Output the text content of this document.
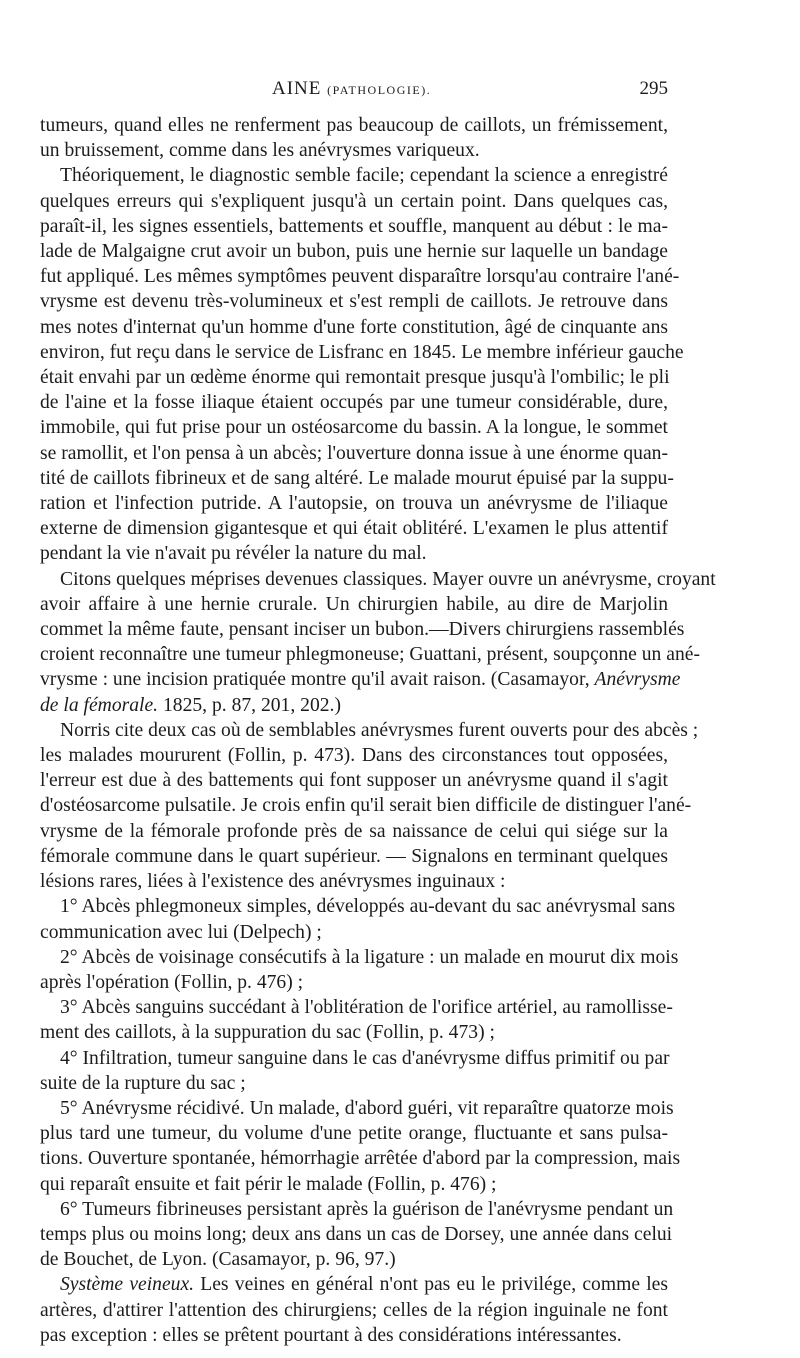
AINE (PATHOLOGIE).	295
tumeurs, quand elles ne renferment pas beaucoup de caillots, un frémissement,
un bruissement, comme dans les anévrysmes variqueux.
Théoriquement, le diagnostic semble facile; cependant la science a enregistré
quelques erreurs qui s'expliquent jusqu'à un certain point. Dans quelques cas,
paraît-il, les signes essentiels, battements et souffle, manquent au début : le ma-
lade de Malgaigne crut avoir un bubon, puis une hernie sur laquelle un bandage
fut appliqué. Les mêmes symptômes peuvent disparaître lorsqu'au contraire l'ané-
vrysme est devenu très-volumineux et s'est rempli de caillots. Je retrouve dans
mes notes d'internat qu'un homme d'une forte constitution, âgé de cinquante ans
environ, fut reçu dans le service de Lisfranc en 1845. Le membre inférieur gauche
était envahi par un œdème énorme qui remontait presque jusqu'à l'ombilic; le pli
de l'aine et la fosse iliaque étaient occupés par une tumeur considérable, dure,
immobile, qui fut prise pour un ostéosarcome du bassin. A la longue, le sommet
se ramollit, et l'on pensa à un abcès; l'ouverture donna issue à une énorme quan-
tité de caillots fibrineux et de sang altéré. Le malade mourut épuisé par la suppu-
ration et l'infection putride. A l'autopsie, on trouva un anévrysme de l'iliaque
externe de dimension gigantesque et qui était oblitéré. L'examen le plus attentif
pendant la vie n'avait pu révéler la nature du mal.
Citons quelques méprises devenues classiques. Mayer ouvre un anévrysme, croyant
avoir affaire à une hernie crurale. Un chirurgien habile, au dire de Marjolin
commet la même faute, pensant inciser un bubon.—Divers chirurgiens rassemblés
croient reconnaître une tumeur phlegmoneuse; Guattani, présent, soupçonne un ané-
vrysme : une incision pratiquée montre qu'il avait raison. (Casamayor, Anévrysme
de la fémorale. 1825, p. 87, 201, 202.)
Norris cite deux cas où de semblables anévrysmes furent ouverts pour des abcès ;
les malades moururent (Follin, p. 473). Dans des circonstances tout opposées,
l'erreur est due à des battements qui font supposer un anévrysme quand il s'agit
d'ostéosarcome pulsatile. Je crois enfin qu'il serait bien difficile de distinguer l'ané-
vrysme de la fémorale profonde près de sa naissance de celui qui siége sur la
fémorale commune dans le quart supérieur. — Signalons en terminant quelques
lésions rares, liées à l'existence des anévrysmes inguinaux :
1° Abcès phlegmoneux simples, développés au-devant du sac anévrysmal sans
communication avec lui (Delpech) ;
2° Abcès de voisinage consécutifs à la ligature : un malade en mourut dix mois
après l'opération (Follin, p. 476) ;
3° Abcès sanguins succédant à l'oblitération de l'orifice artériel, au ramollisse-
ment des caillots, à la suppuration du sac (Follin, p. 473) ;
4° Infiltration, tumeur sanguine dans le cas d'anévrysme diffus primitif ou par
suite de la rupture du sac ;
5° Anévrysme récidivé. Un malade, d'abord guéri, vit reparaître quatorze mois
plus tard une tumeur, du volume d'une petite orange, fluctuante et sans pulsa-
tions. Ouverture spontanée, hémorrhagie arrêtée d'abord par la compression, mais
qui reparaît ensuite et fait périr le malade (Follin, p. 476) ;
6° Tumeurs fibrineuses persistant après la guérison de l'anévrysme pendant un
temps plus ou moins long; deux ans dans un cas de Dorsey, une année dans celui
de Bouchet, de Lyon. (Casamayor, p. 96, 97.)
Système veineux. Les veines en général n'ont pas eu le privilége, comme les
artères, d'attirer l'attention des chirurgiens; celles de la région inguinale ne font
pas exception : elles se prêtent pourtant à des considérations intéressantes.
